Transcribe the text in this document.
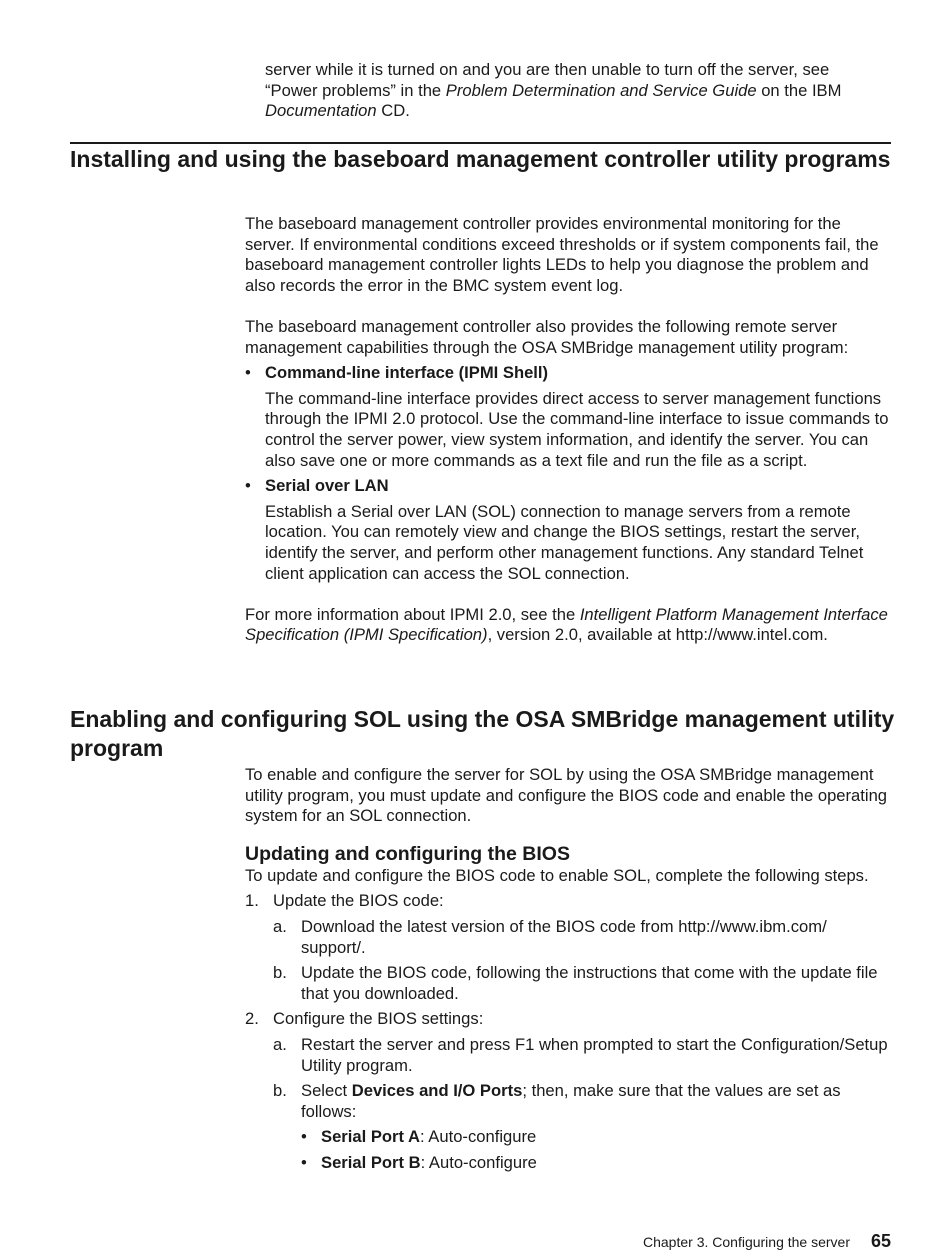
server while it is turned on and you are then unable to turn off the server, see “Power problems” in the Problem Determination and Service Guide on the IBM Documentation CD.

Installing and using the baseboard management controller utility programs

The baseboard management controller provides environmental monitoring for the server. If environmental conditions exceed thresholds or if system components fail, the baseboard management controller lights LEDs to help you diagnose the problem and also records the error in the BMC system event log.

The baseboard management controller also provides the following remote server management capabilities through the OSA SMBridge management utility program:

• Command-line interface (IPMI Shell)

The command-line interface provides direct access to server management functions through the IPMI 2.0 protocol. Use the command-line interface to issue commands to control the server power, view system information, and identify the server. You can also save one or more commands as a text file and run the file as a script.

• Serial over LAN

Establish a Serial over LAN (SOL) connection to manage servers from a remote location. You can remotely view and change the BIOS settings, restart the server, identify the server, and perform other management functions. Any standard Telnet client application can access the SOL connection.

For more information about IPMI 2.0, see the Intelligent Platform Management Interface Specification (IPMI Specification), version 2.0, available at http://www.intel.com.

Enabling and configuring SOL using the OSA SMBridge management utility program

To enable and configure the server for SOL by using the OSA SMBridge management utility program, you must update and configure the BIOS code and enable the operating system for an SOL connection.

Updating and configuring the BIOS

To update and configure the BIOS code to enable SOL, complete the following steps.

1. Update the BIOS code:

a. Download the latest version of the BIOS code from http://www.ibm.com/ support/.

b. Update the BIOS code, following the instructions that come with the update file that you downloaded.

2. Configure the BIOS settings:

a. Restart the server and press F1 when prompted to start the Configuration/Setup Utility program.

b. Select Devices and I/O Ports; then, make sure that the values are set as follows:

• Serial Port A: Auto-configure

• Serial Port B: Auto-configure

Chapter 3. Configuring the server 65
